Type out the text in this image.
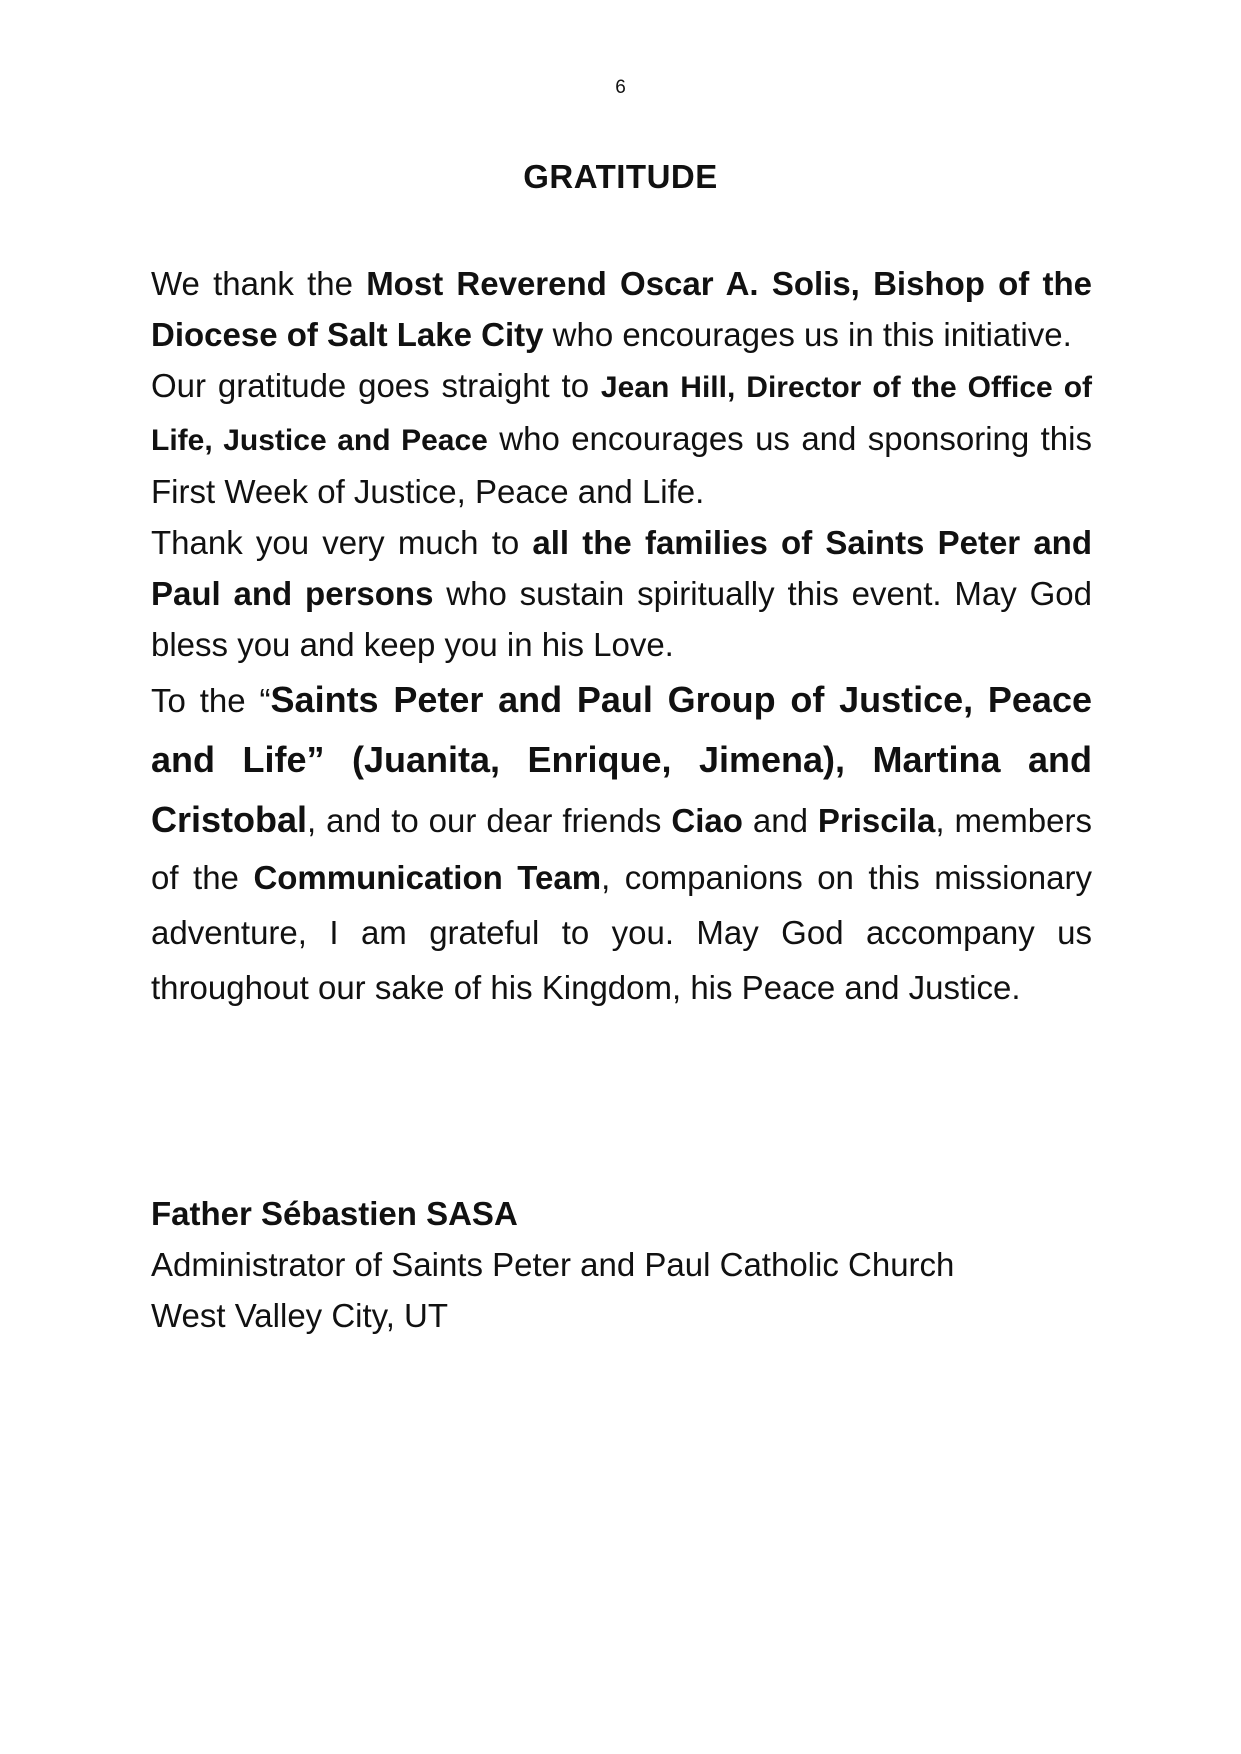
6
GRATITUDE

We thank the Most Reverend Oscar A. Solis, Bishop of the Diocese of Salt Lake City who encourages us in this initiative.

Our gratitude goes straight to Jean Hill, Director of the Office of Life, Justice and Peace who encourages us and sponsoring this First Week of Justice, Peace and Life.

Thank you very much to all the families of Saints Peter and Paul and persons who sustain spiritually this event. May God bless you and keep you in his Love.

To the “Saints Peter and Paul Group of Justice, Peace and Life” (Juanita, Enrique, Jimena), Martina and Cristobal, and to our dear friends Ciao and Priscila, members of the Communication Team, companions on this missionary adventure, I am grateful to you. May God accompany us throughout our sake of his Kingdom, his Peace and Justice.

Father Sébastien SASA
Administrator of Saints Peter and Paul Catholic Church
West Valley City, UT
